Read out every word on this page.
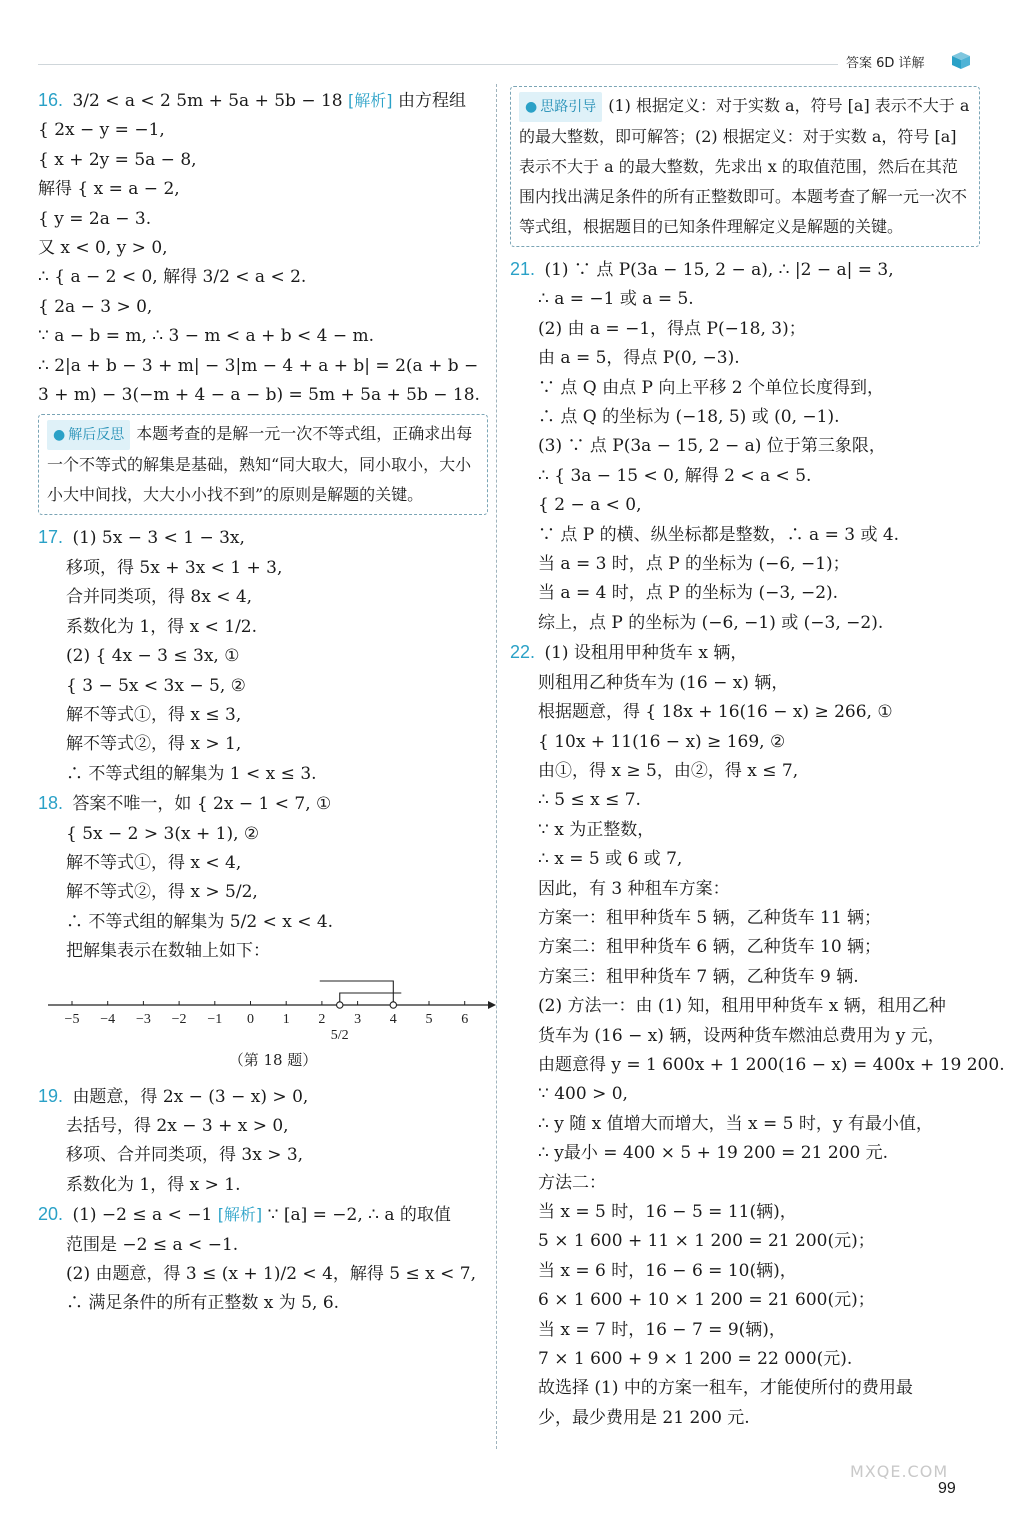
答案 6D 详解
16. 3/2 < a < 2 5m + 5a + 5b − 18 [解析] 由方程组
{ 2x − y = −1,
{ x + 2y = 5a − 8,
解得 { x = a − 2,
{ y = 2a − 3.
又 x < 0, y > 0,
∴ { a − 2 < 0, 解得 3/2 < a < 2.
{ 2a − 3 > 0,
∵ a − b = m, ∴ 3 − m < a + b < 4 − m.
∴ 2|a + b − 3 + m| − 3|m − 4 + a + b| = 2(a + b −
3 + m) − 3(−m + 4 − a − b) = 5m + 5a + 5b − 18.
● 解后反思 本题考查的是解一元一次不等式组，正确求出每一个不等式的解集是基础，熟知“同大取大，同小取小，大小小大中间找，大大小小找不到”的原则是解题的关键。
17. (1) 5x − 3 < 1 − 3x,
移项，得 5x + 3x < 1 + 3,
合并同类项，得 8x < 4,
系数化为 1，得 x < 1/2.
(2) { 4x − 3 ≤ 3x, ①
{ 3 − 5x < 3x − 5, ②
解不等式①，得 x ≤ 3,
解不等式②，得 x > 1,
∴ 不等式组的解集为 1 < x ≤ 3.
18. 答案不唯一，如 { 2x − 1 < 7, ①
{ 5x − 2 > 3(x + 1), ②
解不等式①，得 x < 4,
解不等式②，得 x > 5/2,
∴ 不等式组的解集为 5/2 < x < 4.
把解集表示在数轴上如下：
−5 −4 −3 −2 −1 0 1 2 3 4 5 6
5/2
（第 18 题）
19. 由题意，得 2x − (3 − x) > 0,
去括号，得 2x − 3 + x > 0,
移项、合并同类项，得 3x > 3,
系数化为 1，得 x > 1.
20. (1) −2 ≤ a < −1 [解析] ∵ [a] = −2, ∴ a 的取值
范围是 −2 ≤ a < −1.
(2) 由题意，得 3 ≤ (x + 1)/2 < 4，解得 5 ≤ x < 7,
∴ 满足条件的所有正整数 x 为 5, 6.
● 思路引导 (1) 根据定义：对于实数 a，符号 [a] 表示不大于 a 的最大整数，即可解答；(2) 根据定义：对于实数 a，符号 [a] 表示不大于 a 的最大整数，先求出 x 的取值范围，然后在其范围内找出满足条件的所有正整数即可。本题考查了解一元一次不等式组，根据题目的已知条件理解定义是解题的关键。
21. (1) ∵ 点 P(3a − 15, 2 − a), ∴ |2 − a| = 3,
∴ a = −1 或 a = 5.
(2) 由 a = −1，得点 P(−18, 3)；
由 a = 5，得点 P(0, −3).
∵ 点 Q 由点 P 向上平移 2 个单位长度得到，
∴ 点 Q 的坐标为 (−18, 5) 或 (0, −1).
(3) ∵ 点 P(3a − 15, 2 − a) 位于第三象限，
∴ { 3a − 15 < 0, 解得 2 < a < 5.
{ 2 − a < 0,
∵ 点 P 的横、纵坐标都是整数，∴ a = 3 或 4.
当 a = 3 时，点 P 的坐标为 (−6, −1)；
当 a = 4 时，点 P 的坐标为 (−3, −2).
综上，点 P 的坐标为 (−6, −1) 或 (−3, −2).
22. (1) 设租用甲种货车 x 辆，
则租用乙种货车为 (16 − x) 辆，
根据题意，得 { 18x + 16(16 − x) ≥ 266, ①
{ 10x + 11(16 − x) ≥ 169, ②
由①，得 x ≥ 5，由②，得 x ≤ 7,
∴ 5 ≤ x ≤ 7.
∵ x 为正整数，
∴ x = 5 或 6 或 7,
因此，有 3 种租车方案：
方案一：租甲种货车 5 辆，乙种货车 11 辆；
方案二：租甲种货车 6 辆，乙种货车 10 辆；
方案三：租甲种货车 7 辆，乙种货车 9 辆.
(2) 方法一：由 (1) 知，租用甲种货车 x 辆，租用乙种
货车为 (16 − x) 辆，设两种货车燃油总费用为 y 元，
由题意得 y = 1 600x + 1 200(16 − x) = 400x + 19 200.
∵ 400 > 0,
∴ y 随 x 值增大而增大，当 x = 5 时，y 有最小值，
∴ y最小 = 400 × 5 + 19 200 = 21 200 元.
方法二：
当 x = 5 时，16 − 5 = 11(辆)，
5 × 1 600 + 11 × 1 200 = 21 200(元)；
当 x = 6 时，16 − 6 = 10(辆)，
6 × 1 600 + 10 × 1 200 = 21 600(元)；
当 x = 7 时，16 − 7 = 9(辆)，
7 × 1 600 + 9 × 1 200 = 22 000(元).
故选择 (1) 中的方案一租车，才能使所付的费用最
少，最少费用是 21 200 元.
MXQE.COM
99
